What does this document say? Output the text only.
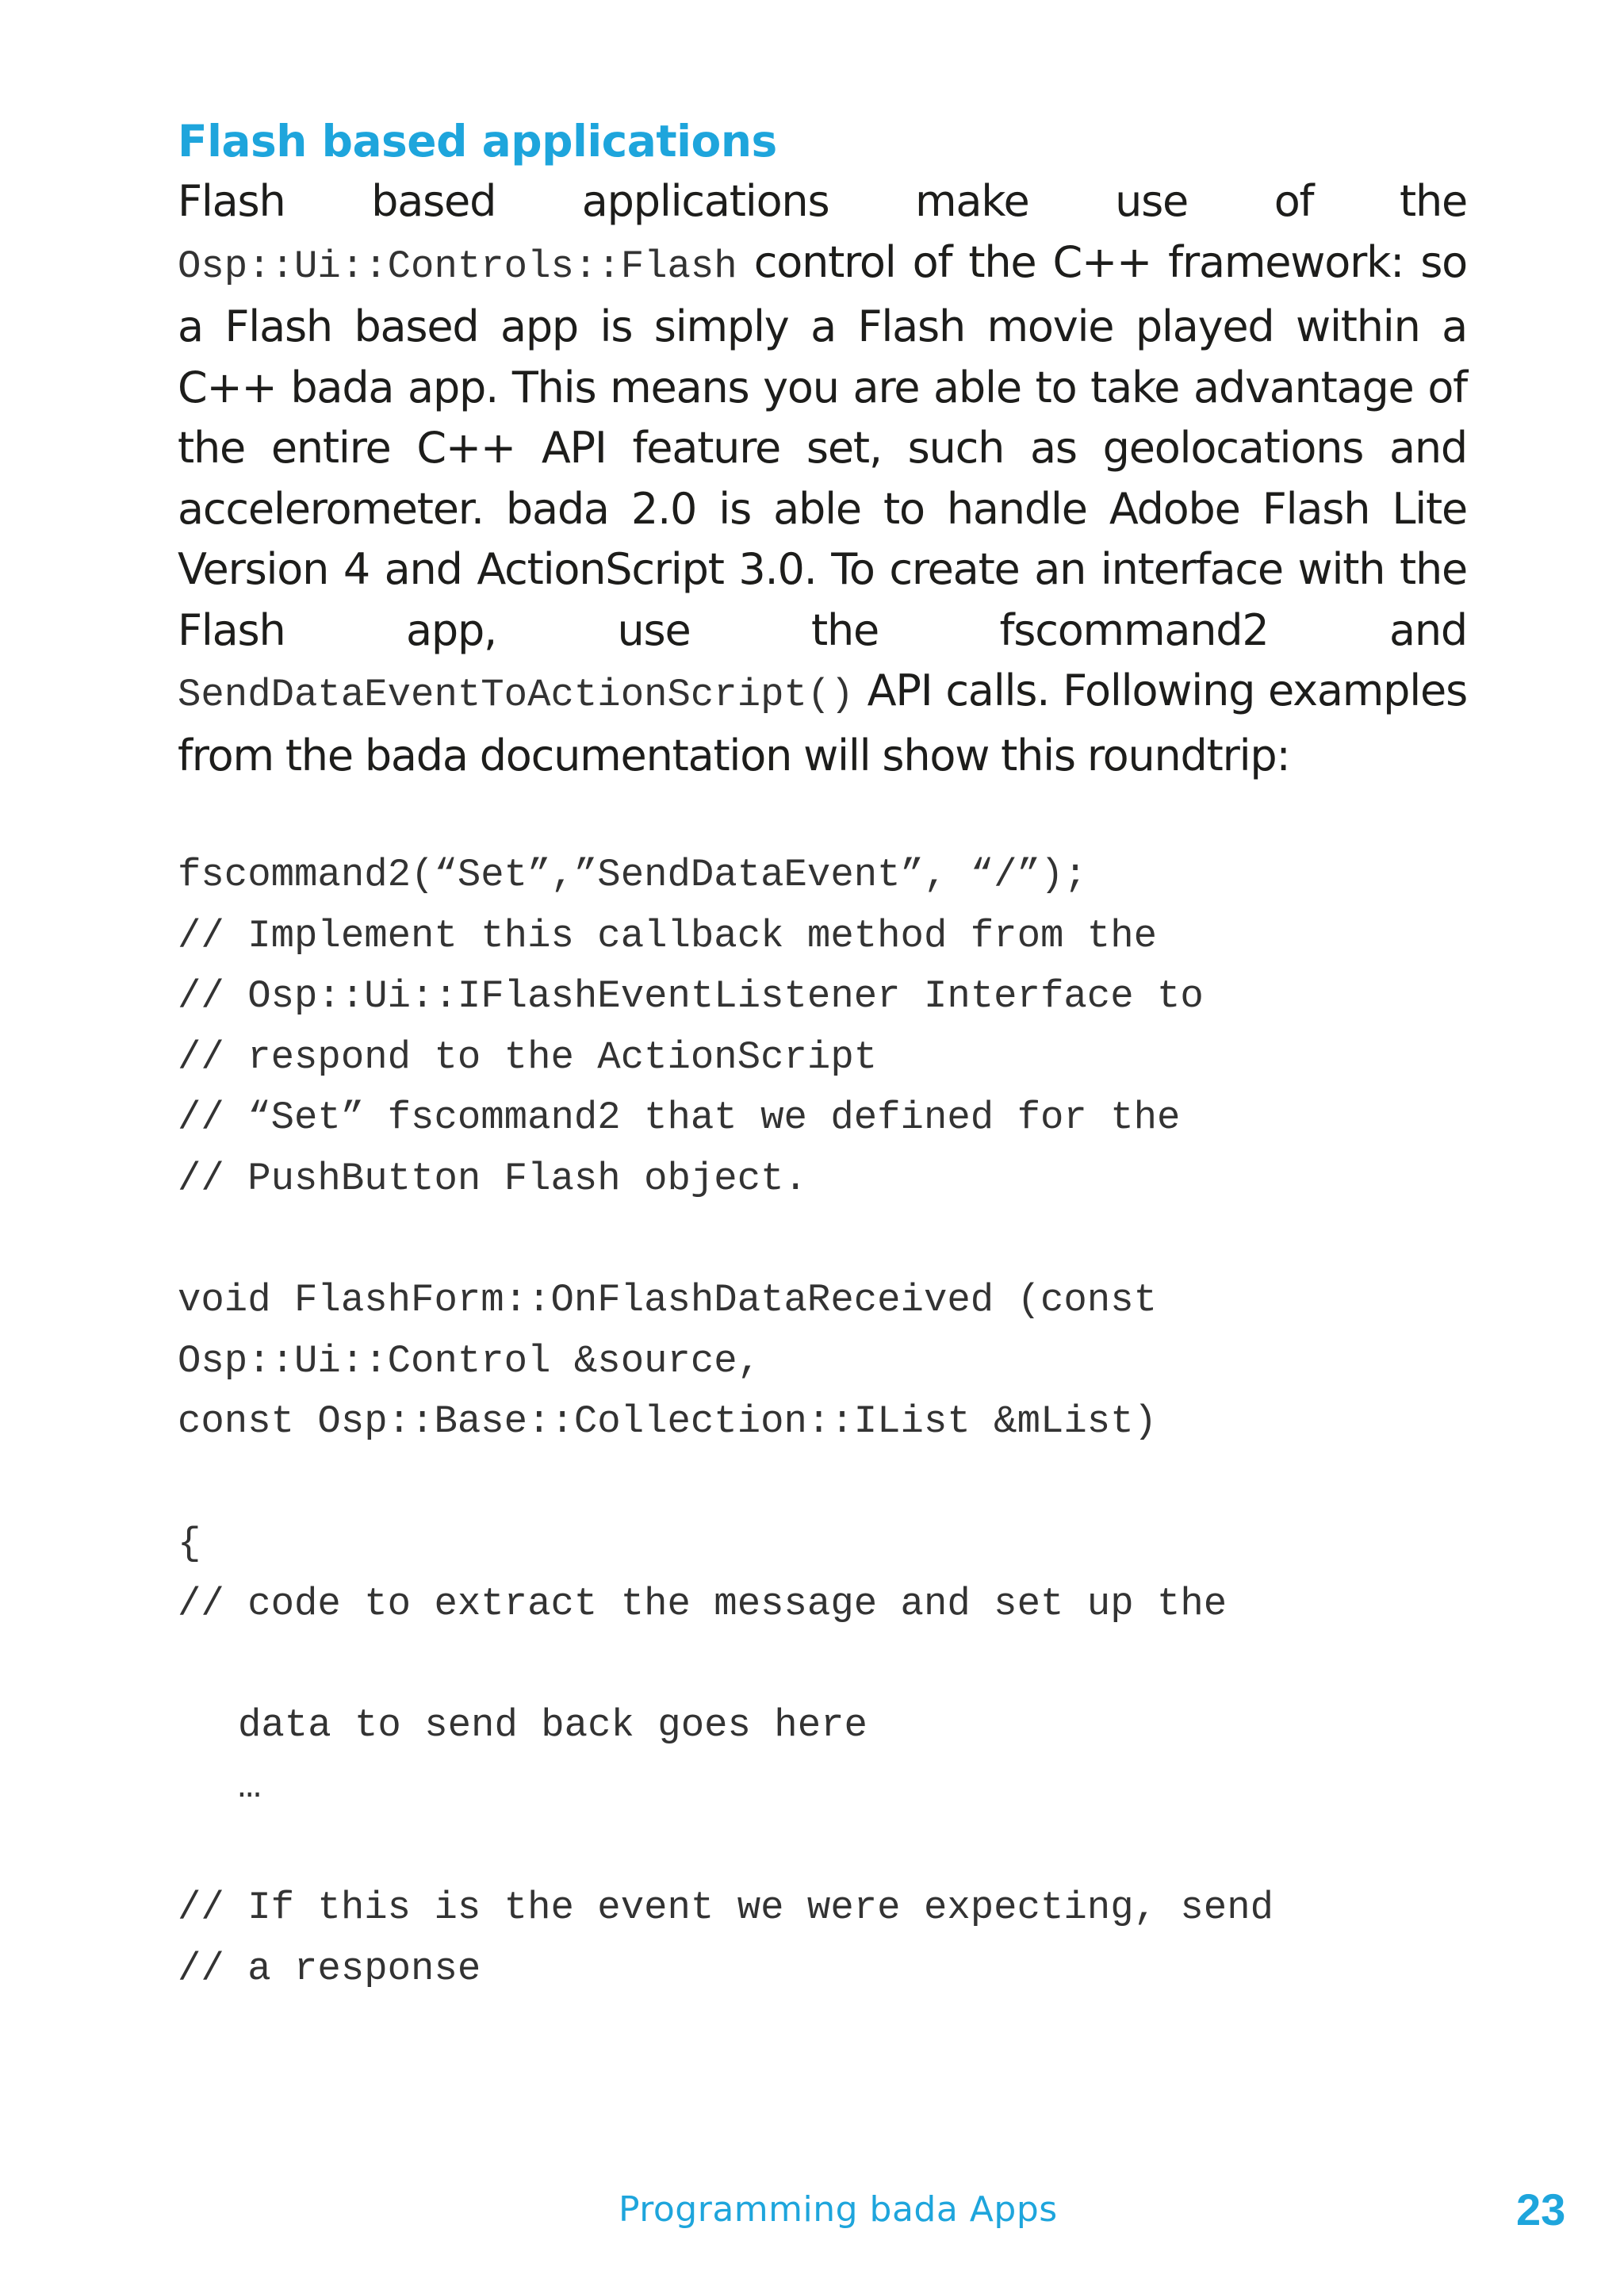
Flash based applications

Flash based applications make use of the Osp::Ui::Controls::Flash control of the C++ framework: so a Flash based app is simply a Flash movie played within a C++ bada app. This means you are able to take advantage of the entire C++ API feature set, such as geolocations and accelerometer. bada 2.0 is able to handle Adobe Flash Lite Version 4 and ActionScript 3.0. To create an interface with the Flash app, use the fscommand2 and SendDataEventToActionScript() API calls. Following examples from the bada documentation will show this roundtrip:

fscommand2(“Set”,”SendDataEvent”, “/”);
// Implement this callback method from the
// Osp::Ui::IFlashEventListener Interface to
// respond to the ActionScript
// “Set” fscommand2 that we defined for the
// PushButton Flash object.
void FlashForm::OnFlashDataReceived (const
Osp::Ui::Control &source,
const Osp::Base::Collection::IList &mList)
{
// code to extract the message and set up the
data to send back goes here
…
// If this is the event we were expecting, send
// a response
Programming bada Apps	23
